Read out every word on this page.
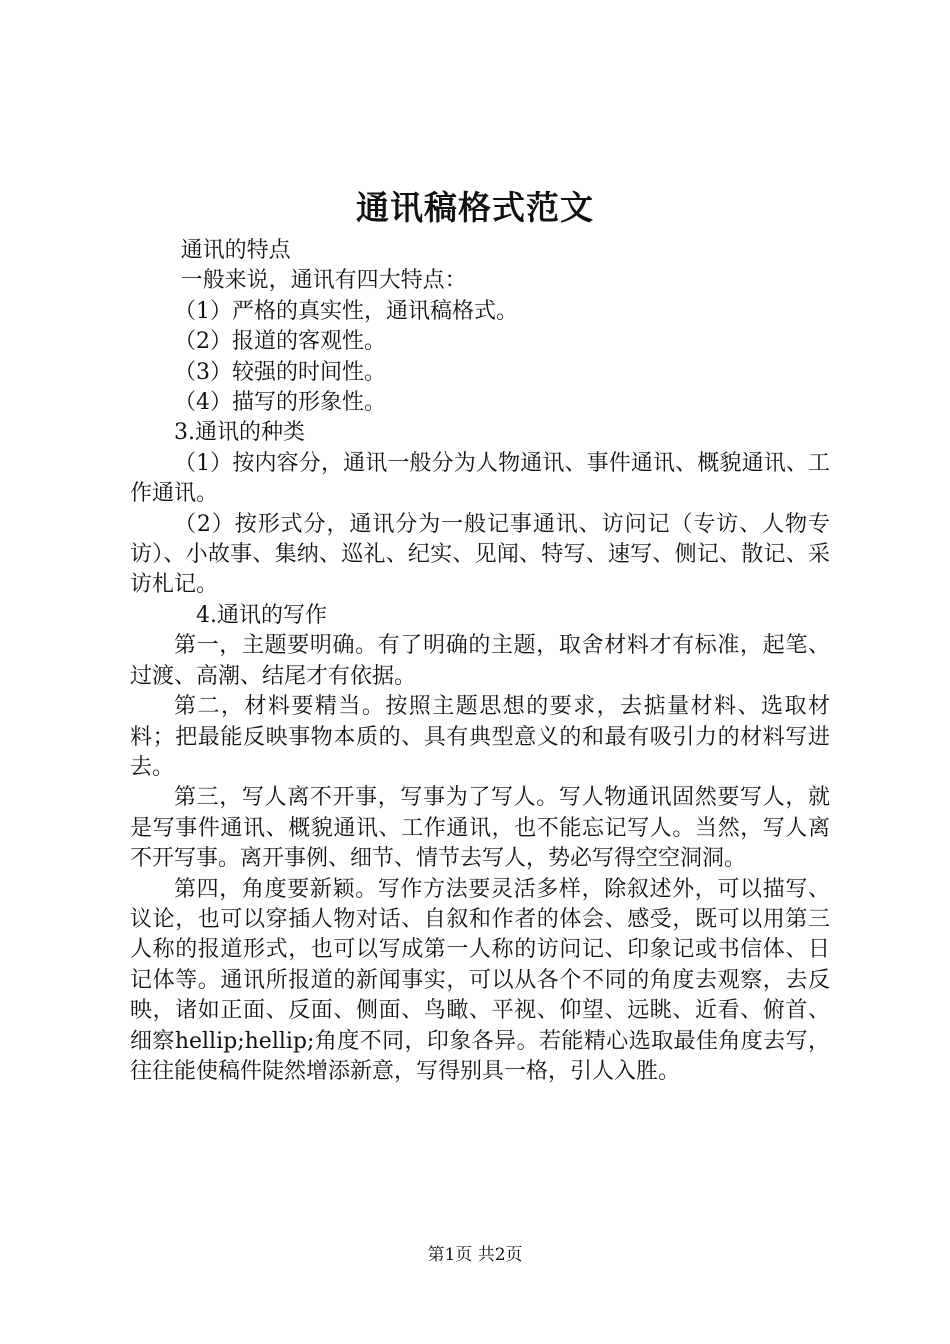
通讯稿格式范文

通讯的特点

一般来说，通讯有四大特点：

（1）严格的真实性，通讯稿格式。

（2）报道的客观性。

（3）较强的时间性。

（4）描写的形象性。

3.通讯的种类

（1）按内容分，通讯一般分为人物通讯、事件通讯、概貌通讯、工作通讯。

（2）按形式分，通讯分为一般记事通讯、访问记（专访、人物专访）、小故事、集纳、巡礼、纪实、见闻、特写、速写、侧记、散记、采访札记。

4.通讯的写作

第一，主题要明确。有了明确的主题，取舍材料才有标准，起笔、过渡、高潮、结尾才有依据。

第二，材料要精当。按照主题思想的要求，去掂量材料、选取材料；把最能反映事物本质的、具有典型意义的和最有吸引力的材料写进去。

第三，写人离不开事，写事为了写人。写人物通讯固然要写人，就是写事件通讯、概貌通讯、工作通讯，也不能忘记写人。当然，写人离不开写事。离开事例、细节、情节去写人，势必写得空空洞洞。

第四，角度要新颖。写作方法要灵活多样，除叙述外，可以描写、议论，也可以穿插人物对话、自叙和作者的体会、感受，既可以用第三人称的报道形式，也可以写成第一人称的访问记、印象记或书信体、日记体等。通讯所报道的新闻事实，可以从各个不同的角度去观察，去反映，诸如正面、反面、侧面、鸟瞰、平视、仰望、远眺、近看、俯首、细察hellip;hellip;角度不同，印象各异。若能精心选取最佳角度去写，往往能使稿件陡然增添新意，写得别具一格，引人入胜。

第1页 共2页
